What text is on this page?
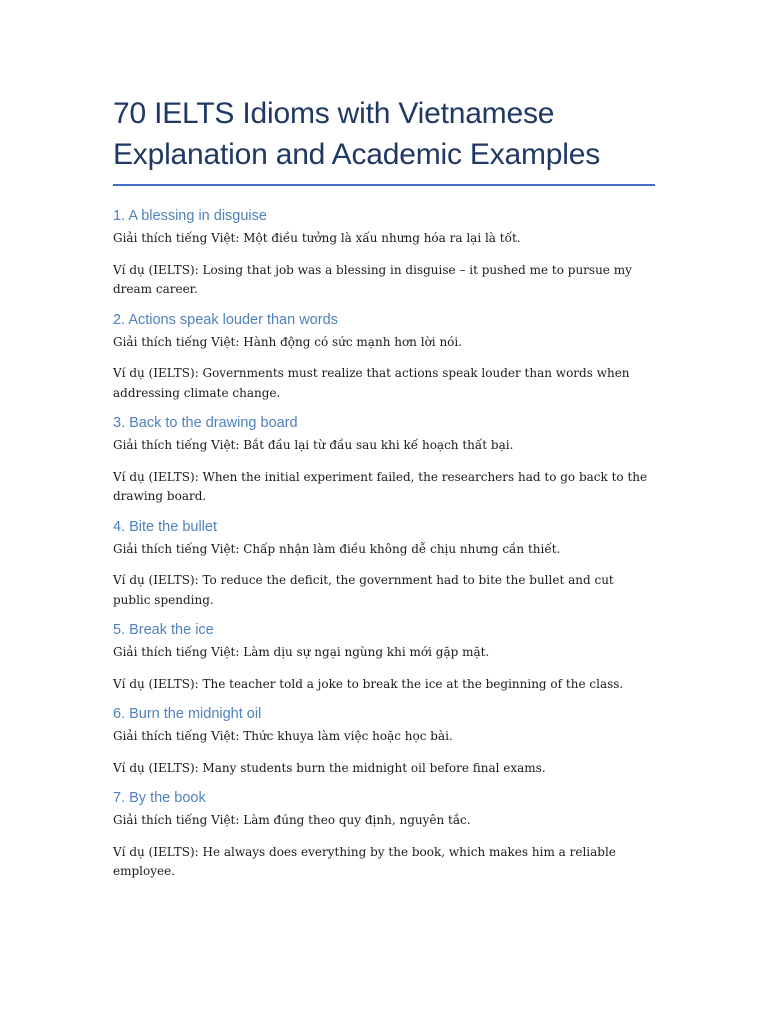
70 IELTS Idioms with Vietnamese Explanation and Academic Examples
1. A blessing in disguise

Giải thích tiếng Việt: Một điều tưởng là xấu nhưng hóa ra lại là tốt.

Ví dụ (IELTS): Losing that job was a blessing in disguise – it pushed me to pursue my dream career.

2. Actions speak louder than words

Giải thích tiếng Việt: Hành động có sức mạnh hơn lời nói.

Ví dụ (IELTS): Governments must realize that actions speak louder than words when addressing climate change.

3. Back to the drawing board

Giải thích tiếng Việt: Bắt đầu lại từ đầu sau khi kế hoạch thất bại.

Ví dụ (IELTS): When the initial experiment failed, the researchers had to go back to the drawing board.

4. Bite the bullet

Giải thích tiếng Việt: Chấp nhận làm điều không dễ chịu nhưng cần thiết.

Ví dụ (IELTS): To reduce the deficit, the government had to bite the bullet and cut public spending.

5. Break the ice

Giải thích tiếng Việt: Làm dịu sự ngại ngùng khi mới gặp mặt.

Ví dụ (IELTS): The teacher told a joke to break the ice at the beginning of the class.

6. Burn the midnight oil

Giải thích tiếng Việt: Thức khuya làm việc hoặc học bài.

Ví dụ (IELTS): Many students burn the midnight oil before final exams.

7. By the book

Giải thích tiếng Việt: Làm đúng theo quy định, nguyên tắc.

Ví dụ (IELTS): He always does everything by the book, which makes him a reliable employee.
